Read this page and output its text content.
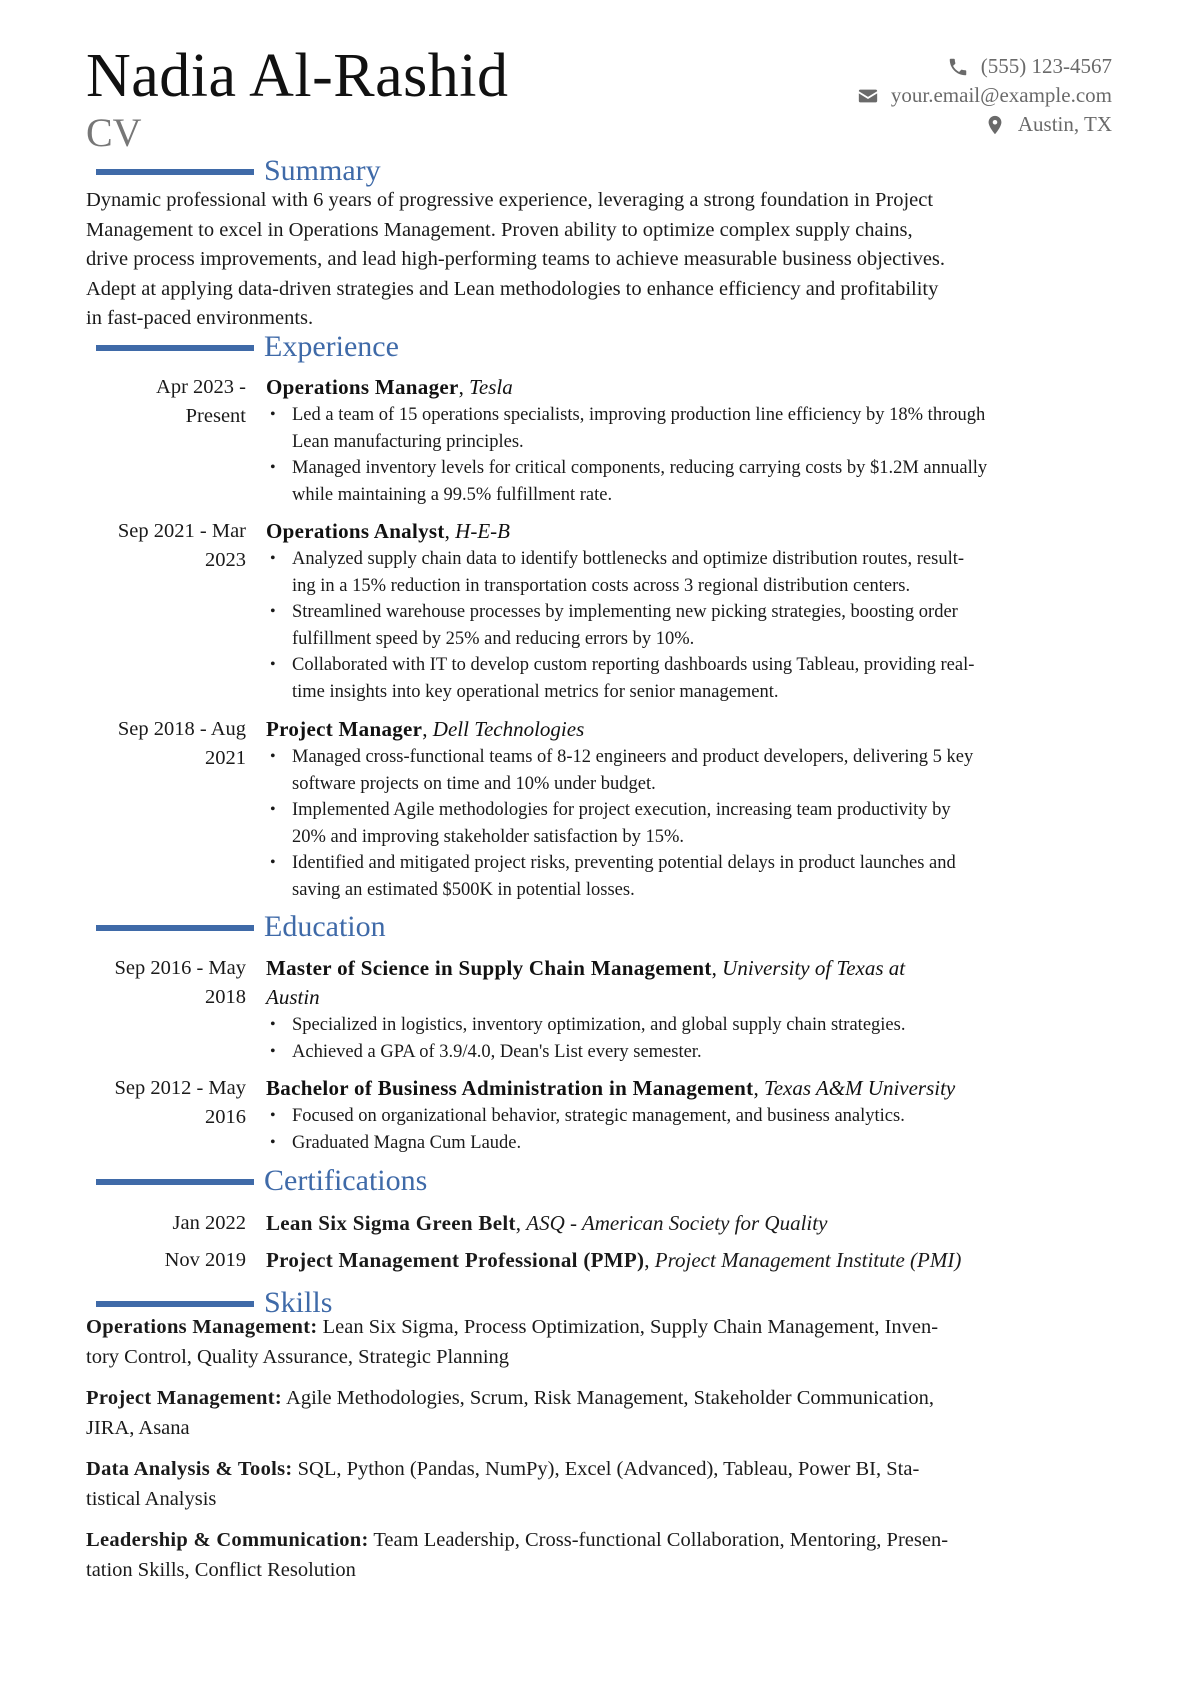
Nadia Al-Rashid
CV
(555) 123-4567
your.email@example.com
Austin, TX
Summary
Dynamic professional with 6 years of progressive experience, leveraging a strong foundation in Project
Management to excel in Operations Management. Proven ability to optimize complex supply chains,
drive process improvements, and lead high-performing teams to achieve measurable business objectives.
Adept at applying data-driven strategies and Lean methodologies to enhance efficiency and profitability
in fast-paced environments.
Experience
Apr 2023 -
Present
Operations Manager, Tesla
• Led a team of 15 operations specialists, improving production line efficiency by 18% through
Lean manufacturing principles.
• Managed inventory levels for critical components, reducing carrying costs by $1.2M annually
while maintaining a 99.5% fulfillment rate.
Sep 2021 - Mar
2023
Operations Analyst, H-E-B
• Analyzed supply chain data to identify bottlenecks and optimize distribution routes, result-
ing in a 15% reduction in transportation costs across 3 regional distribution centers.
• Streamlined warehouse processes by implementing new picking strategies, boosting order
fulfillment speed by 25% and reducing errors by 10%.
• Collaborated with IT to develop custom reporting dashboards using Tableau, providing real-
time insights into key operational metrics for senior management.
Sep 2018 - Aug
2021
Project Manager, Dell Technologies
• Managed cross-functional teams of 8-12 engineers and product developers, delivering 5 key
software projects on time and 10% under budget.
• Implemented Agile methodologies for project execution, increasing team productivity by
20% and improving stakeholder satisfaction by 15%.
• Identified and mitigated project risks, preventing potential delays in product launches and
saving an estimated $500K in potential losses.
Education
Sep 2016 - May
2018
Master of Science in Supply Chain Management, University of Texas at
Austin
• Specialized in logistics, inventory optimization, and global supply chain strategies.
• Achieved a GPA of 3.9/4.0, Dean's List every semester.
Sep 2012 - May
2016
Bachelor of Business Administration in Management, Texas A&M University
• Focused on organizational behavior, strategic management, and business analytics.
• Graduated Magna Cum Laude.
Certifications
Jan 2022 Lean Six Sigma Green Belt, ASQ - American Society for Quality
Nov 2019 Project Management Professional (PMP), Project Management Institute (PMI)
Skills
Operations Management: Lean Six Sigma, Process Optimization, Supply Chain Management, Inven-
tory Control, Quality Assurance, Strategic Planning
Project Management: Agile Methodologies, Scrum, Risk Management, Stakeholder Communication,
JIRA, Asana
Data Analysis & Tools: SQL, Python (Pandas, NumPy), Excel (Advanced), Tableau, Power BI, Sta-
tistical Analysis
Leadership & Communication: Team Leadership, Cross-functional Collaboration, Mentoring, Presen-
tation Skills, Conflict Resolution
